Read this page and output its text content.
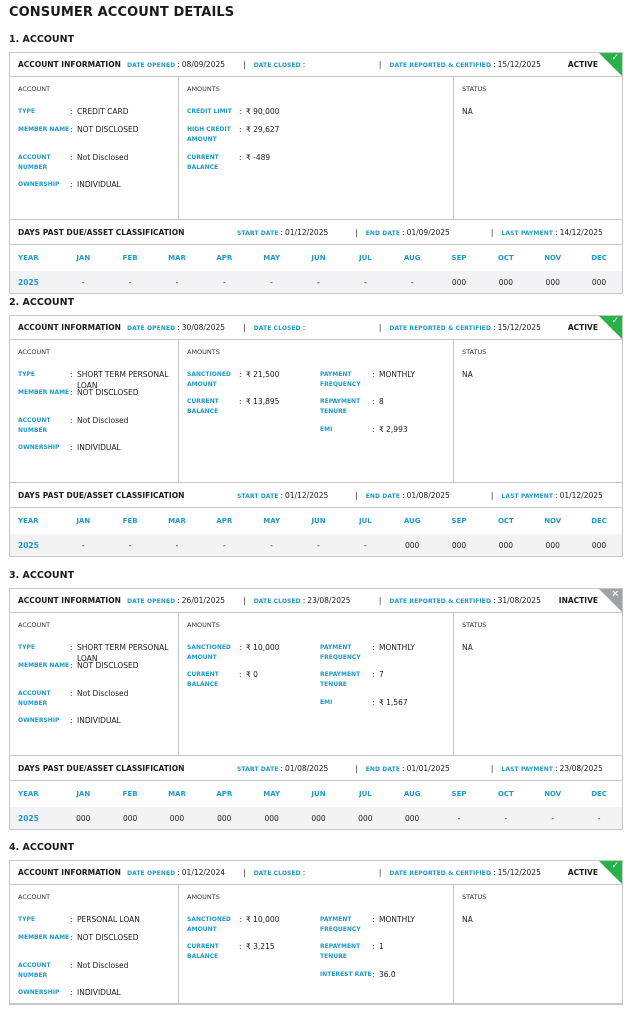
CONSUMER ACCOUNT DETAILS
1. ACCOUNT
ACCOUNT INFORMATION	DATE OPENED : 08/09/2025	| DATE CLOSED :	| DATE REPORTED & CERTIFIED : 15/12/2025	ACTIVE
✓
ACCOUNT
TYPE	: CREDIT CARD
MEMBER NAME : NOT DISCLOSED
ACCOUNT NUMBER
: Not Disclosed
OWNERSHIP	: INDIVIDUAL
AMOUNTS
CREDIT LIMIT : ₹ 90,000
HIGH CREDIT AMOUNT
: ₹ 29,627
CURRENT BALANCE
: ₹ -489
STATUS
NA
DAYS PAST DUE/ASSET CLASSIFICATION	START DATE : 01/12/2025	| END DATE : 01/09/2025	| LAST PAYMENT : 14/12/2025
YEAR	JAN	FEB	MAR	APR	MAY	JUN	JUL	AUG	SEP	OCT	NOV	DEC
2025	-	-	-	-	-	-	-	-	000	000	000	000
2. ACCOUNT
ACCOUNT INFORMATION	DATE OPENED : 30/08/2025	| DATE CLOSED :	| DATE REPORTED & CERTIFIED : 15/12/2025	ACTIVE
✓
ACCOUNT
TYPE	: SHORT TERM PERSONAL LOAN
MEMBER NAME : NOT DISCLOSED
ACCOUNT NUMBER
: Not Disclosed
OWNERSHIP	: INDIVIDUAL
AMOUNTS
SANCTIONED AMOUNT
: ₹ 21,500
CURRENT BALANCE
: ₹ 13,895
PAYMENT FREQUENCY
: MONTHLY
REPAYMENT TENURE
: 8
EMI	: ₹ 2,993
STATUS
NA
DAYS PAST DUE/ASSET CLASSIFICATION	START DATE : 01/12/2025	| END DATE : 01/08/2025	| LAST PAYMENT : 01/12/2025
YEAR	JAN	FEB	MAR	APR	MAY	JUN	JUL	AUG	SEP	OCT	NOV	DEC
2025	-	-	-	-	-	-	-	000	000	000	000	000
3. ACCOUNT
ACCOUNT INFORMATION	DATE OPENED : 26/01/2025	| DATE CLOSED : 23/08/2025	| DATE REPORTED & CERTIFIED : 31/08/2025 INACTIVE
×
ACCOUNT
TYPE	: SHORT TERM PERSONAL LOAN
MEMBER NAME : NOT DISCLOSED
ACCOUNT NUMBER
: Not Disclosed
OWNERSHIP	: INDIVIDUAL
AMOUNTS
SANCTIONED AMOUNT
: ₹ 10,000
CURRENT BALANCE
: ₹ 0
PAYMENT FREQUENCY
: MONTHLY
REPAYMENT TENURE
: 7
EMI	: ₹ 1,567
STATUS
NA
DAYS PAST DUE/ASSET CLASSIFICATION	START DATE : 01/08/2025	| END DATE : 01/01/2025	| LAST PAYMENT : 23/08/2025
YEAR	JAN	FEB	MAR	APR	MAY	JUN	JUL	AUG	SEP	OCT	NOV	DEC
2025	000	000	000	000	000	000	000	000	-	-	-	-
4. ACCOUNT
ACCOUNT INFORMATION	DATE OPENED : 01/12/2024	| DATE CLOSED :	| DATE REPORTED & CERTIFIED : 15/12/2025	ACTIVE
✓
ACCOUNT
TYPE	: PERSONAL LOAN
MEMBER NAME : NOT DISCLOSED
ACCOUNT NUMBER
: Not Disclosed
OWNERSHIP	: INDIVIDUAL
AMOUNTS
SANCTIONED AMOUNT
: ₹ 10,000
CURRENT BALANCE
: ₹ 3,215
PAYMENT FREQUENCY
: MONTHLY
REPAYMENT TENURE
: 1
INTEREST RATE : 36.0
STATUS
NA
